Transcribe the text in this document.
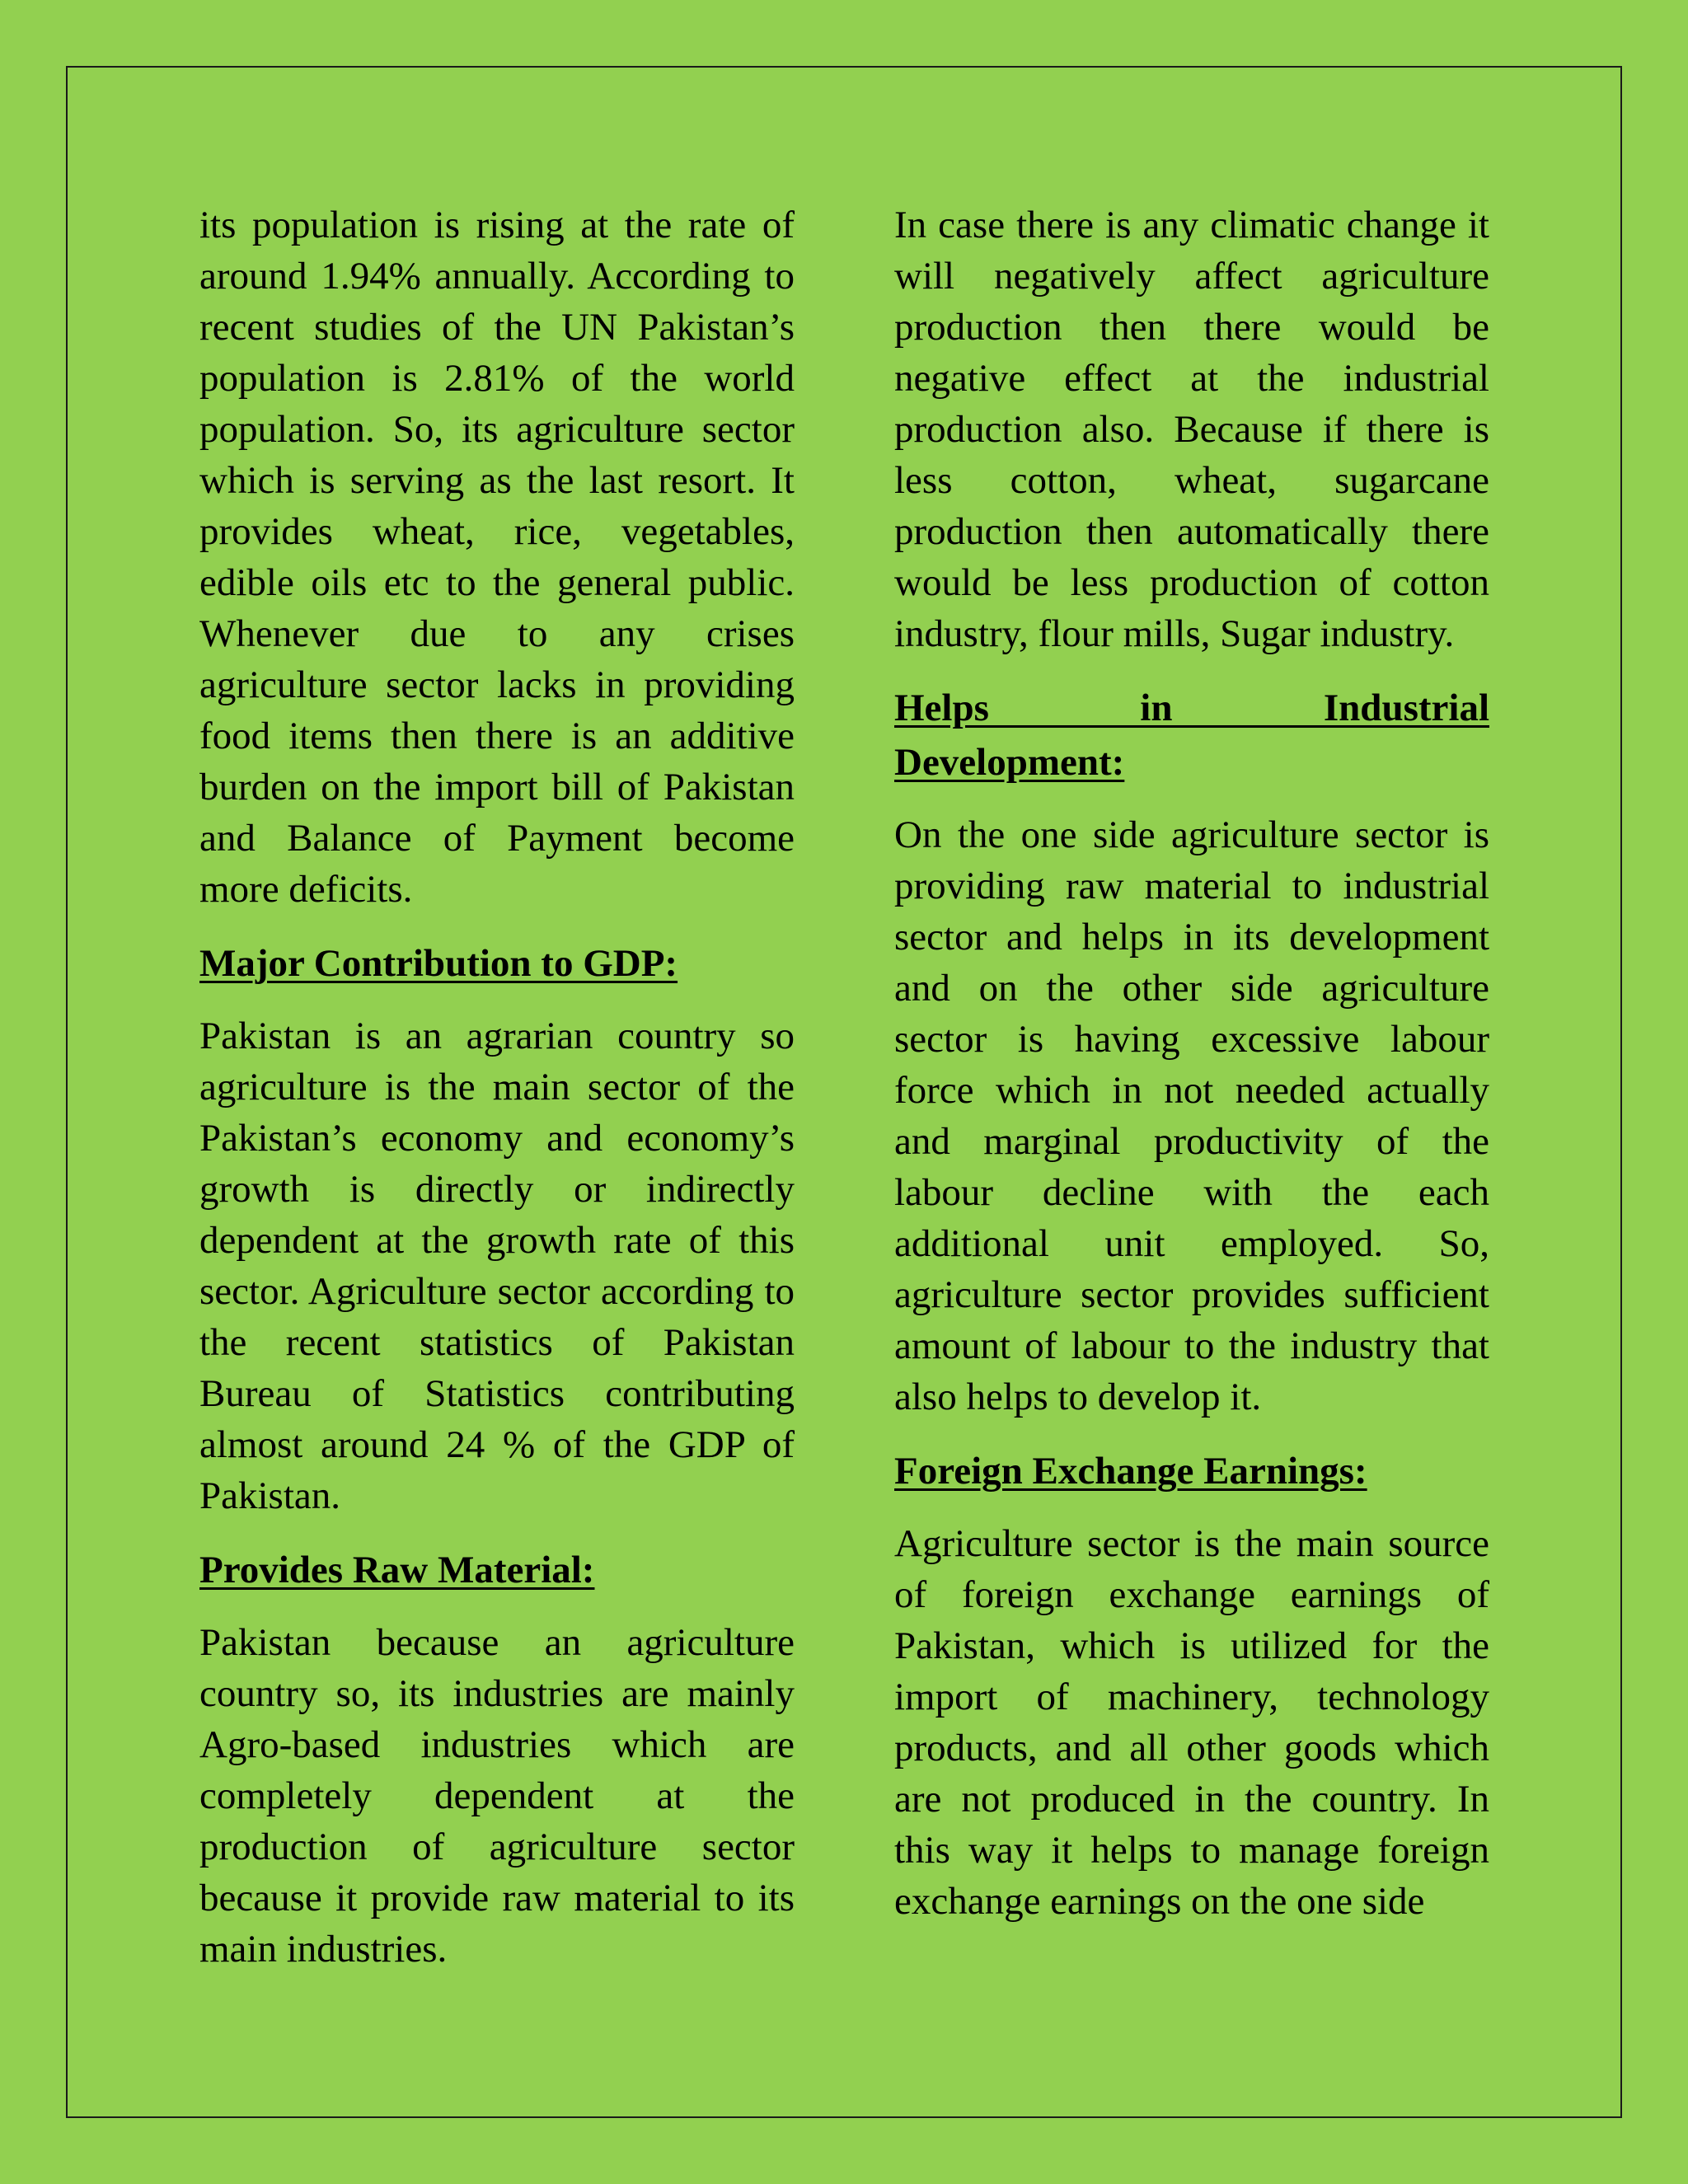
its population is rising at the rate of around 1.94% annually. According to recent studies of the UN Pakistan’s population is 2.81% of the world population. So, its agriculture sector which is serving as the last resort. It provides wheat, rice, vegetables, edible oils etc to the general public. Whenever due to any crises agriculture sector lacks in providing food items then there is an additive burden on the import bill of Pakistan and Balance of Payment become more deficits.

Major Contribution to GDP:

Pakistan is an agrarian country so agriculture is the main sector of the Pakistan’s economy and economy’s growth is directly or indirectly dependent at the growth rate of this sector. Agriculture sector according to the recent statistics of Pakistan Bureau of Statistics contributing almost around 24 % of the GDP of Pakistan.

Provides Raw Material:

Pakistan because an agriculture country so, its industries are mainly Agro-based industries which are completely dependent at the production of agriculture sector because it provide raw material to its main industries.

In case there is any climatic change it will negatively affect agriculture production then there would be negative effect at the industrial production also. Because if there is less cotton, wheat, sugarcane production then automatically there would be less production of cotton industry, flour mills, Sugar industry.

Helps in Industrial
Development:

On the one side agriculture sector is providing raw material to industrial sector and helps in its development and on the other side agriculture sector is having excessive labour force which in not needed actually and marginal productivity of the labour decline with the each additional unit employed. So, agriculture sector provides sufficient amount of labour to the industry that also helps to develop it.

Foreign Exchange Earnings:

Agriculture sector is the main source of foreign exchange earnings of Pakistan, which is utilized for the import of machinery, technology products, and all other goods which are not produced in the country. In this way it helps to manage foreign exchange earnings on the one side
